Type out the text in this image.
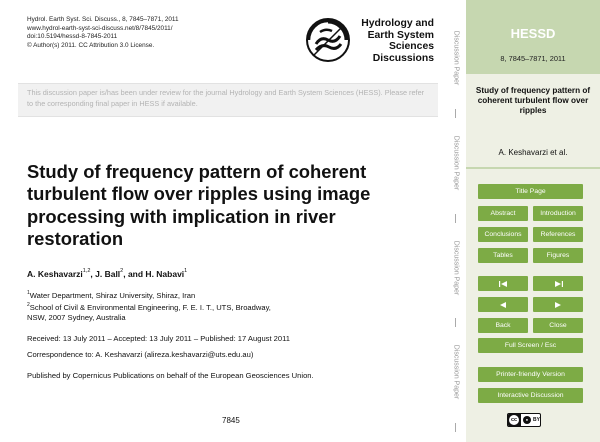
Hydrol. Earth Syst. Sci. Discuss., 8, 7845–7871, 2011
www.hydrol-earth-syst-sci-discuss.net/8/7845/2011/
doi:10.5194/hessd-8-7845-2011
© Author(s) 2011. CC Attribution 3.0 License.
Hydrology and
Earth System
Sciences
Discussions

This discussion paper is/has been under review for the journal Hydrology and Earth System Sciences (HESS). Please refer to the corresponding final paper in HESS if available.

Study of frequency pattern of coherent
turbulent flow over ripples using image
processing with implication in river
restoration
A. Keshavarzi$^{1,2}$, J. Ball$^2$, and H. Nabavi$^1$
$^1$Water Department, Shiraz University, Shiraz, Iran
$^2$School of Civil & Environmental Engineering, F. E. I. T., UTS, Broadway,
NSW, 2007 Sydney, Australia
Received: 13 July 2011 – Accepted: 13 July 2011 – Published: 17 August 2011
Correspondence to: A. Keshavarzi (alireza.keshavarzi@uts.edu.au)
Published by Copernicus Publications on behalf of the European Geosciences Union.
7845
Discussion Paper
Discussion Paper
Discussion Paper
Discussion Paper
HESSD
8, 7845–7871, 2011
Study of frequency pattern of coherent turbulent flow over ripples
A. Keshavarzi et al.
Title Page
Abstract	Introduction
Conclusions	References
Tables	Figures
Back	Close
Full Screen / Esc
Printer-friendly Version
Interactive Discussion
cc	● BY
